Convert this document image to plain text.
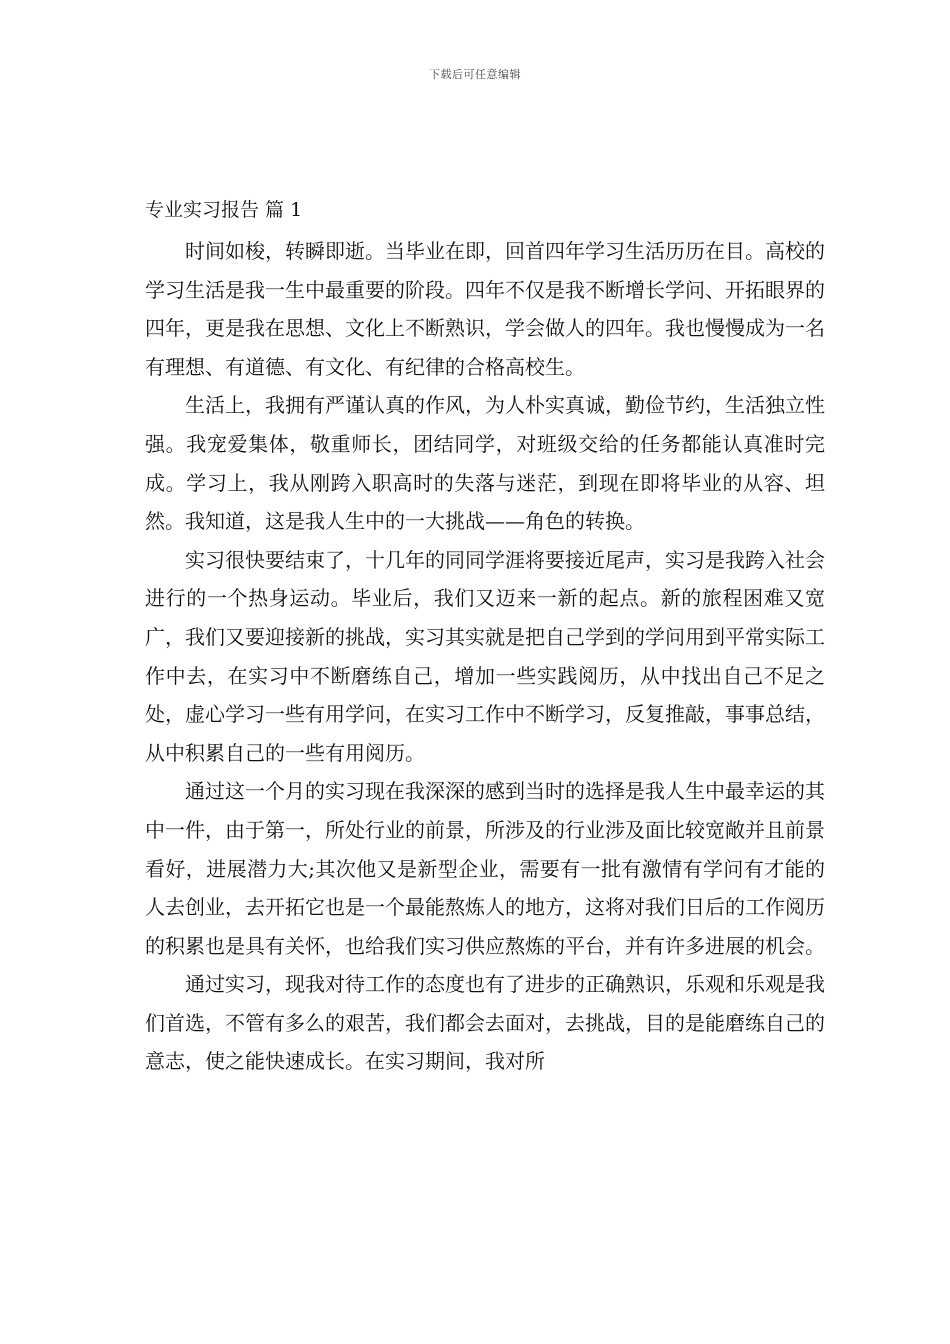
下载后可任意编辑
专业实习报告 篇 1

时间如梭，转瞬即逝。当毕业在即，回首四年学习生活历历在目。高校的学习生活是我一生中最重要的阶段。四年不仅是我不断增长学问、开拓眼界的四年，更是我在思想、文化上不断熟识，学会做人的四年。我也慢慢成为一名有理想、有道德、有文化、有纪律的合格高校生。

生活上，我拥有严谨认真的作风，为人朴实真诚，勤俭节约，生活独立性强。我宠爱集体，敬重师长，团结同学，对班级交给的任务都能认真准时完成。学习上，我从刚跨入职高时的失落与迷茫，到现在即将毕业的从容、坦然。我知道，这是我人生中的一大挑战——角色的转换。

实习很快要结束了，十几年的同同学涯将要接近尾声，实习是我跨入社会进行的一个热身运动。毕业后，我们又迈来一新的起点。新的旅程困难又宽广，我们又要迎接新的挑战，实习其实就是把自己学到的学问用到平常实际工作中去，在实习中不断磨练自己，增加一些实践阅历，从中找出自己不足之处，虚心学习一些有用学问，在实习工作中不断学习，反复推敲，事事总结，从中积累自己的一些有用阅历。

通过这一个月的实习现在我深深的感到当时的选择是我人生中最幸运的其中一件，由于第一，所处行业的前景，所涉及的行业涉及面比较宽敞并且前景看好，进展潜力大;其次他又是新型企业，需要有一批有激情有学问有才能的人去创业，去开拓它也是一个最能熬炼人的地方，这将对我们日后的工作阅历的积累也是具有关怀，也给我们实习供应熬炼的平台，并有许多进展的机会。

通过实习，现我对待工作的态度也有了进步的正确熟识，乐观和乐观是我们首选，不管有多么的艰苦，我们都会去面对，去挑战，目的是能磨练自己的意志，使之能快速成长。在实习期间，我对所
